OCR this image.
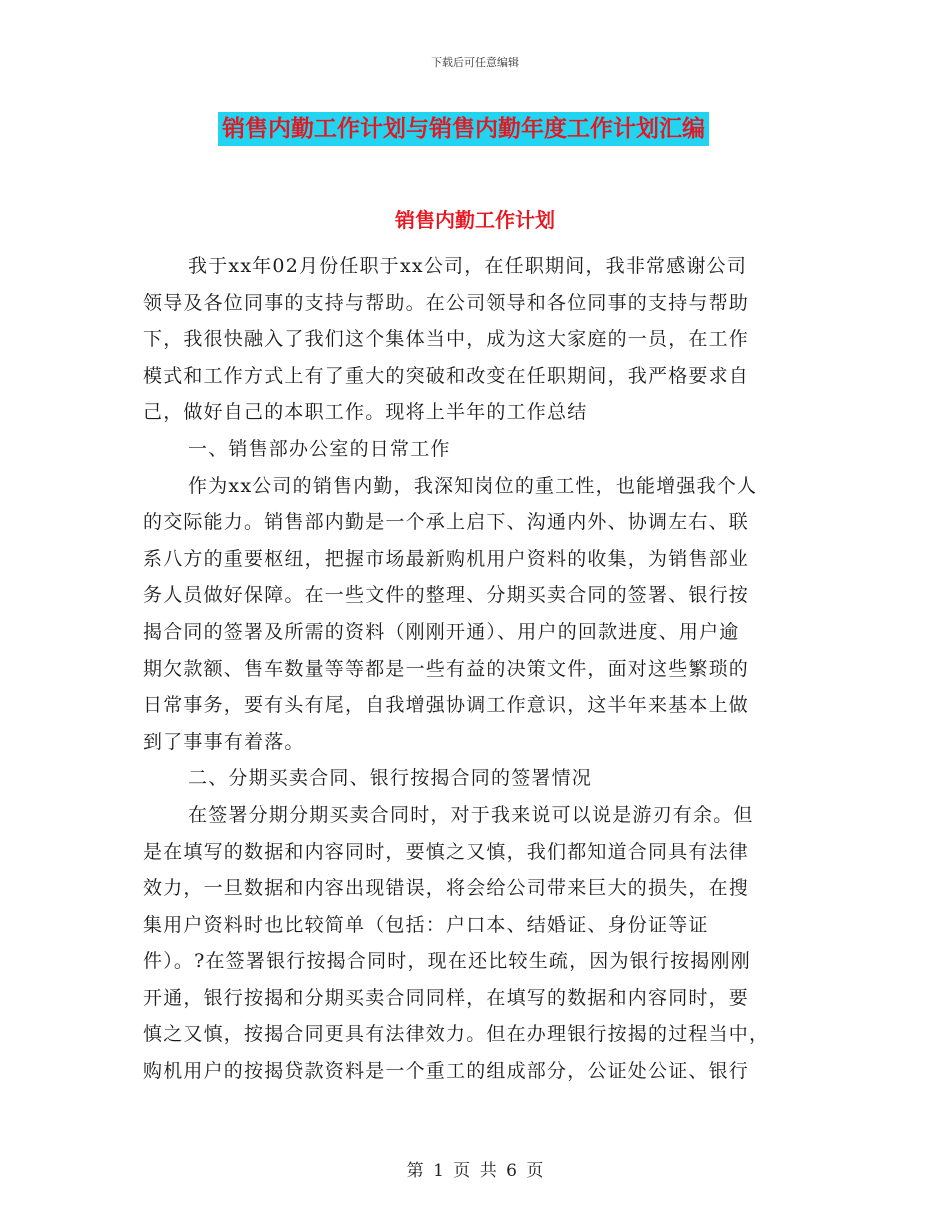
下载后可任意编辑
销售内勤工作计划与销售内勤年度工作计划汇编
销售内勤工作计划
我于xx年02月份任职于xx公司，在任职期间，我非常感谢公司
领导及各位同事的支持与帮助。在公司领导和各位同事的支持与帮助
下，我很快融入了我们这个集体当中，成为这大家庭的一员，在工作
模式和工作方式上有了重大的突破和改变在任职期间，我严格要求自
己，做好自己的本职工作。现将上半年的工作总结
一、销售部办公室的日常工作
作为xx公司的销售内勤，我深知岗位的重工性，也能增强我个人
的交际能力。销售部内勤是一个承上启下、沟通内外、协调左右、联
系八方的重要枢纽，把握市场最新购机用户资料的收集，为销售部业
务人员做好保障。在一些文件的整理、分期买卖合同的签署、银行按
揭合同的签署及所需的资料（刚刚开通）、用户的回款进度、用户逾
期欠款额、售车数量等等都是一些有益的决策文件，面对这些繁琐的
日常事务，要有头有尾，自我增强协调工作意识，这半年来基本上做
到了事事有着落。
二、分期买卖合同、银行按揭合同的签署情况
在签署分期分期买卖合同时，对于我来说可以说是游刃有余。但
是在填写的数据和内容同时，要慎之又慎，我们都知道合同具有法律
效力，一旦数据和内容出现错误，将会给公司带来巨大的损失，在搜
集用户资料时也比较简单（包括：户口本、结婚证、身份证等证
件）。?在签署银行按揭合同时，现在还比较生疏，因为银行按揭刚刚
开通，银行按揭和分期买卖合同同样，在填写的数据和内容同时，要
慎之又慎，按揭合同更具有法律效力。但在办理银行按揭的过程当中，
购机用户的按揭贷款资料是一个重工的组成部分，公证处公证、银行
第 1 页 共 6 页
